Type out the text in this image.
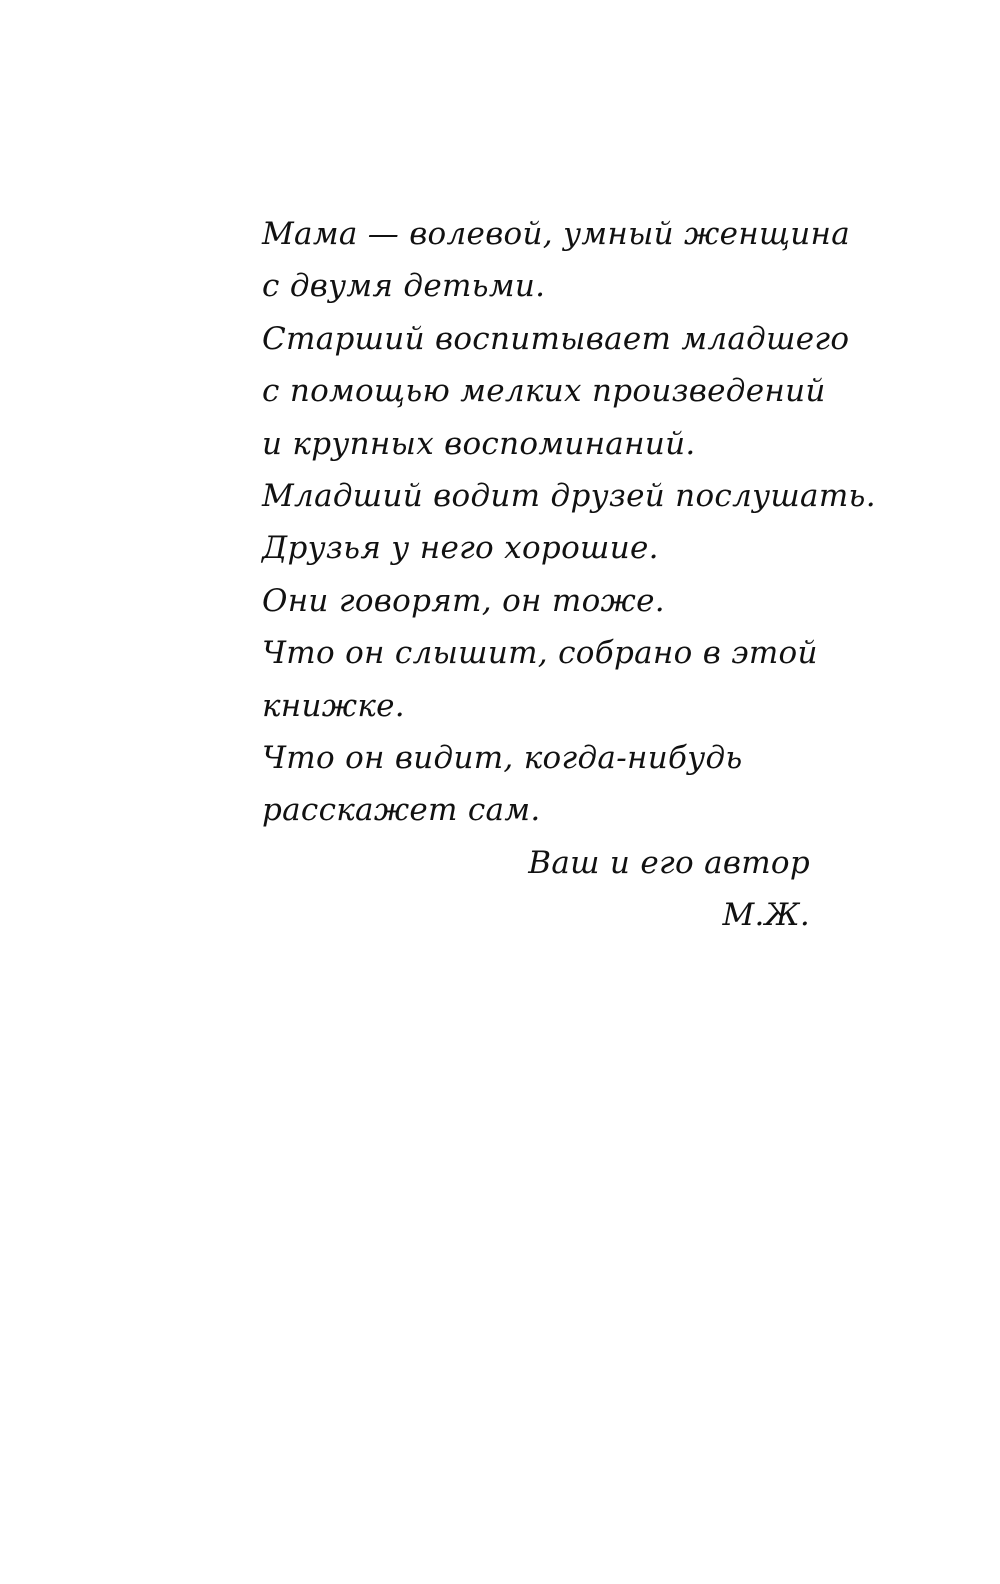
Мама — волевой, умный женщина
с двумя детьми.
Старший воспитывает младшего
с помощью мелких произведений
и крупных воспоминаний.
Младший водит друзей послушать.
Друзья у него хорошие.
Они говорят, он тоже.
Что он слышит, собрано в этой
книжке.
Что он видит, когда-нибудь
расскажет сам.
Ваш и его автор
М.Ж.
